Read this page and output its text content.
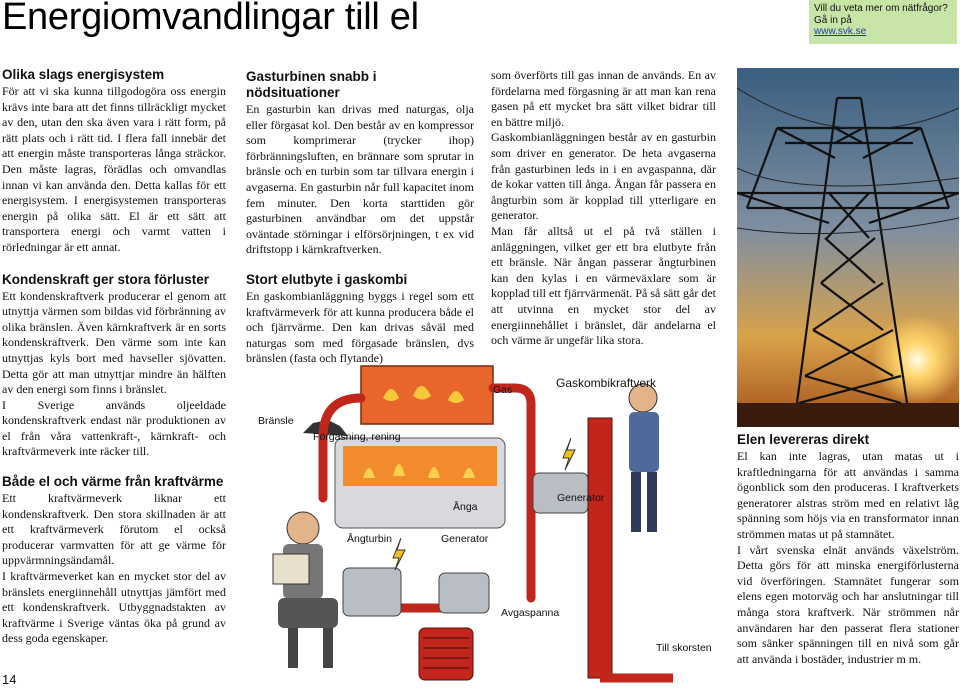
Energiomvandlingar till el	Vill du veta mer om nätfrågor?
Gå in på
www.svk.se
Olika slags energisystem

För att vi ska kunna tillgodogöra oss energin krävs inte bara att det finns tillräckligt mycket av den, utan den ska även vara i rätt form, på rätt plats och i rätt tid. I flera fall innebär det att energin måste transporteras långa sträckor. Den måste lagras, förädlas och omvandlas innan vi kan använda den. Detta kallas för ett energisystem. I energisystemen transporteras energin på olika sätt. El är ett sätt att transportera energi och varmt vatten i rörledningar är ett annat.

Kondenskraft ger stora förluster

Ett kondenskraftverk producerar el genom att utnyttja värmen som bildas vid förbränning av olika bränslen. Även kärnkraftverk är en sorts kondenskraftverk. Den värme som inte kan utnyttjas kyls bort med havseller sjövatten. Detta gör att man utnyttjar mindre än hälften av den energi som finns i bränslet.

I Sverige används oljeeldade kondenskraftverk endast när produktionen av el från våra vattenkraft-, kärnkraft- och kraftvärmeverk inte räcker till.

Både el och värme från kraftvärme

Ett kraftvärmeverk liknar ett kondenskraftverk. Den stora skillnaden är att ett kraftvärmeverk förutom el också producerar varmvatten för att ge värme för uppvärmningsändamål.

I kraftvärmeverket kan en mycket stor del av bränslets energiinnehåll utnyttjas jämfört med ett kondenskraftverk. Utbyggnadstakten av kraftvärme i Sverige väntas öka på grund av dess goda egenskaper.

Gasturbinen snabb i nödsituationer

En gasturbin kan drivas med naturgas, olja eller förgasat kol. Den består av en kompressor som komprimerar (trycker ihop) förbränningsluften, en brännare som sprutar in bränsle och en turbin som tar tillvara energin i avgaserna. En gasturbin når full kapacitet inom fem minuter. Den korta starttiden gör gasturbinen användbar om det uppstår oväntade störningar i elförsörjningen, t ex vid driftstopp i kärnkraftverken.

Stort elutbyte i gaskombi

En gaskombianläggning byggs i regel som ett kraftvärmeverk för att kunna producera både el och fjärrvärme. Den kan drivas såväl med naturgas som med förgasade bränslen, dvs bränslen (fasta och flytande)

som överförts till gas innan de används. En av fördelarna med förgasning är att man kan rena gasen på ett mycket bra sätt vilket bidrar till en bättre miljö.

Gaskombianläggningen består av en gasturbin som driver en generator. De heta avgaserna från gasturbinen leds in i en avgaspanna, där de kokar vatten till ånga. Ångan får passera en ångturbin som är kopplad till ytterligare en generator.

Man får alltså ut el på två ställen i anläggningen, vilket ger ett bra elutbyte från ett bränsle. När ångan passerar ångturbinen kan den kylas i en värmeväxlare som är kopplad till ett fjärrvärmenät. På så sätt går det att utvinna en mycket stor del av energiinnehållet i bränslet, där andelarna el och värme är ungefär lika stora.

Gas	Gaskombikraftverk
Bränsle
Förgasning, rening
Ånga
Generator
Ångturbin	Generator
Avgaspanna
Till skorsten
Elen levereras direkt

El kan inte lagras, utan matas ut i kraftledningarna för att användas i samma ögonblick som den produceras. I kraftverkets generatorer alstras ström med en relativt låg spänning som höjs via en transformator innan strömmen matas ut på stamnätet.

I vårt svenska elnät används växelström. Detta görs för att minska energiförlusterna vid överföringen. Stamnätet fungerar som elens egen motorväg och har anslutningar till många stora kraftverk. När strömmen når användaren har den passerat flera stationer som sänker spänningen till en nivå som går att använda i bostäder, industrier m m.

14
